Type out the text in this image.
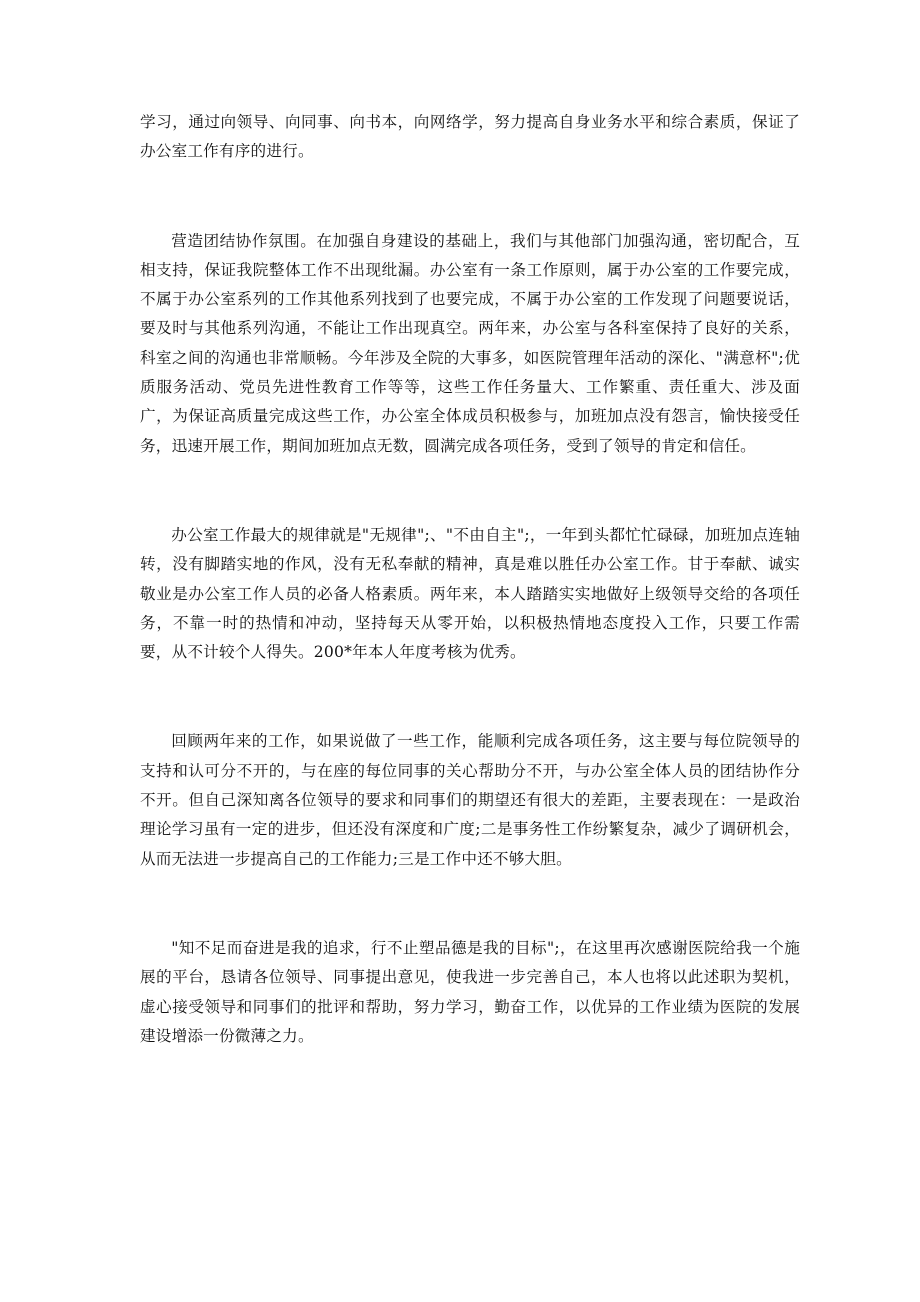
学习，通过向领导、向同事、向书本，向网络学，努力提高自身业务水平和综合素质，保证了办公室工作有序的进行。

营造团结协作氛围。在加强自身建设的基础上，我们与其他部门加强沟通，密切配合，互相支持，保证我院整体工作不出现纰漏。办公室有一条工作原则，属于办公室的工作要完成，不属于办公室系列的工作其他系列找到了也要完成，不属于办公室的工作发现了问题要说话，要及时与其他系列沟通，不能让工作出现真空。两年来，办公室与各科室保持了良好的关系，科室之间的沟通也非常顺畅。今年涉及全院的大事多，如医院管理年活动的深化、"满意杯";优质服务活动、党员先进性教育工作等等，这些工作任务量大、工作繁重、责任重大、涉及面广，为保证高质量完成这些工作，办公室全体成员积极参与，加班加点没有怨言，愉快接受任务，迅速开展工作，期间加班加点无数，圆满完成各项任务，受到了领导的肯定和信任。

办公室工作最大的规律就是"无规律";、"不由自主";，一年到头都忙忙碌碌，加班加点连轴转，没有脚踏实地的作风，没有无私奉献的精神，真是难以胜任办公室工作。甘于奉献、诚实敬业是办公室工作人员的必备人格素质。两年来，本人踏踏实实地做好上级领导交给的各项任务，不靠一时的热情和冲动，坚持每天从零开始，以积极热情地态度投入工作，只要工作需要，从不计较个人得失。200*年本人年度考核为优秀。

回顾两年来的工作，如果说做了一些工作，能顺利完成各项任务，这主要与每位院领导的支持和认可分不开的，与在座的每位同事的关心帮助分不开，与办公室全体人员的团结协作分不开。但自己深知离各位领导的要求和同事们的期望还有很大的差距，主要表现在：一是政治理论学习虽有一定的进步，但还没有深度和广度;二是事务性工作纷繁复杂，减少了调研机会，从而无法进一步提高自己的工作能力;三是工作中还不够大胆。

"知不足而奋进是我的追求，行不止塑品德是我的目标";，在这里再次感谢医院给我一个施展的平台，恳请各位领导、同事提出意见，使我进一步完善自己，本人也将以此述职为契机，虚心接受领导和同事们的批评和帮助，努力学习，勤奋工作，以优异的工作业绩为医院的发展建设增添一份微薄之力。
